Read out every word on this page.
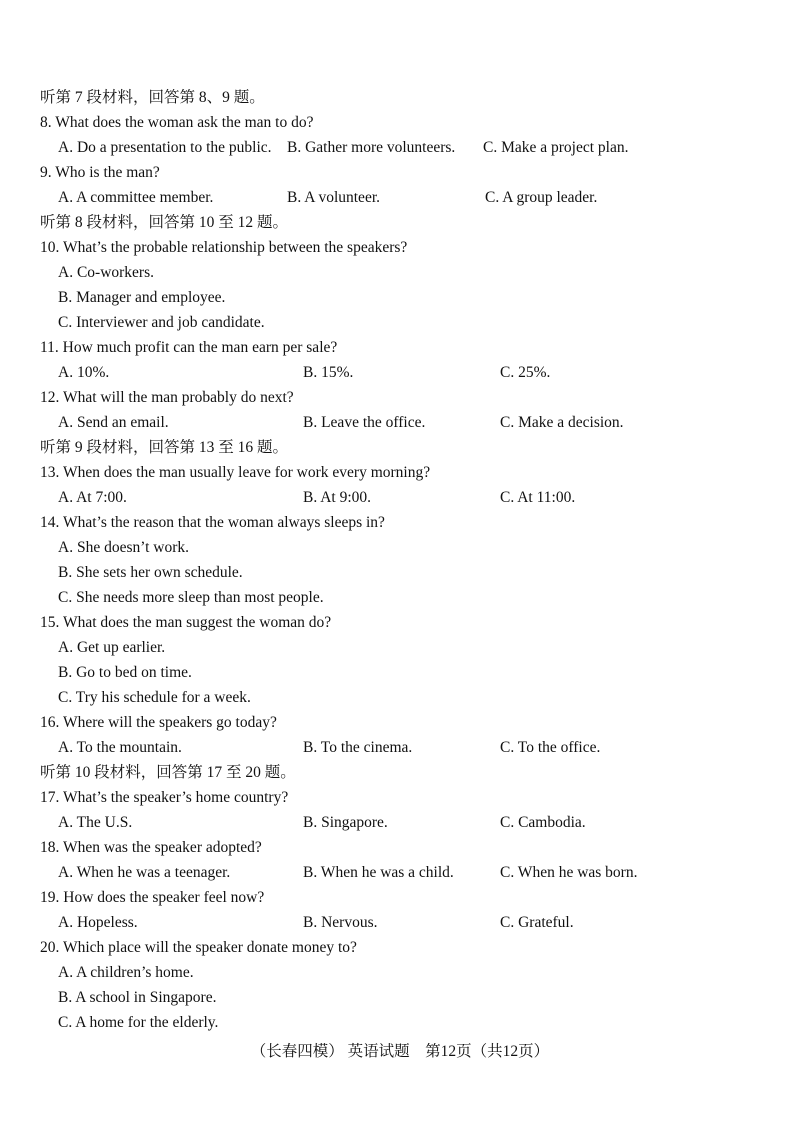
听第 7 段材料，回答第 8、9 题。
8. What does the woman ask the man to do?
A. Do a presentation to the public. B. Gather more volunteers. C. Make a project plan.
9. Who is the man?
A. A committee member.	B. A volunteer.	C. A group leader.
听第 8 段材料，回答第 10 至 12 题。
10. What’s the probable relationship between the speakers?
A. Co-workers.
B. Manager and employee.
C. Interviewer and job candidate.
11. How much profit can the man earn per sale?
A. 10%.	B. 15%.	C. 25%.
12. What will the man probably do next?
A. Send an email.	B. Leave the office.	C. Make a decision.
听第 9 段材料，回答第 13 至 16 题。
13. When does the man usually leave for work every morning?
A. At 7:00.	B. At 9:00.	C. At 11:00.
14. What’s the reason that the woman always sleeps in?
A. She doesn’t work.
B. She sets her own schedule.
C. She needs more sleep than most people.
15. What does the man suggest the woman do?
A. Get up earlier.
B. Go to bed on time.
C. Try his schedule for a week.
16. Where will the speakers go today?
A. To the mountain.	B. To the cinema.	C. To the office.
听第 10 段材料，回答第 17 至 20 题。
17. What’s the speaker’s home country?
A. The U.S.	B. Singapore.	C. Cambodia.
18. When was the speaker adopted?
A. When he was a teenager.	B. When he was a child.	C. When he was born.
19. How does the speaker feel now?
A. Hopeless.	B. Nervous.	C. Grateful.
20. Which place will the speaker donate money to?
A. A children’s home.
B. A school in Singapore.
C. A home for the elderly.
（长春四模） 英语试题　第12页（共12页）
